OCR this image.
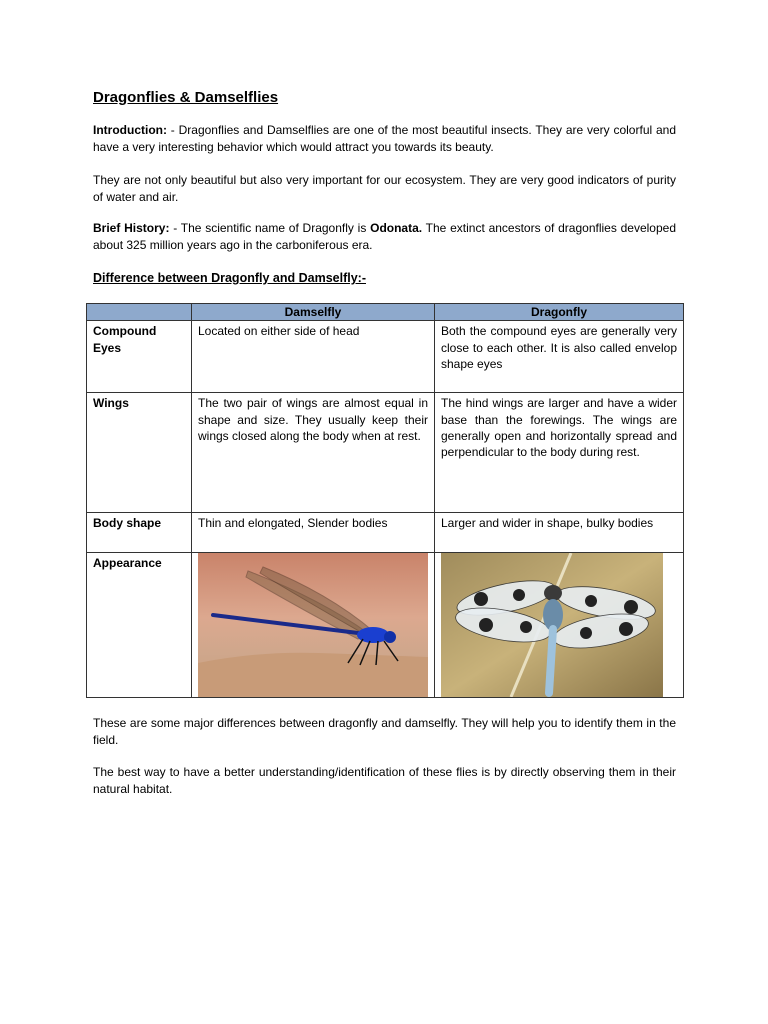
Dragonflies & Damselflies
Introduction: - Dragonflies and Damselflies are one of the most beautiful insects. They are very colorful and have a very interesting behavior which would attract you towards its beauty.
They are not only beautiful but also very important for our ecosystem. They are very good indicators of purity of water and air.
Brief History: - The scientific name of Dragonfly is Odonata. The extinct ancestors of dragonflies developed about 325 million years ago in the carboniferous era.
Difference between Dragonfly and Damselfly:-
	Damselfly	Dragonfly
Compound Eyes	Located on either side of head	Both the compound eyes are generally very close to each other. It is also called envelop shape eyes
Wings	The two pair of wings are almost equal in shape and size. They usually keep their wings closed along the body when at rest.	The hind wings are larger and have a wider base than the forewings. The wings are generally open and horizontally spread and perpendicular to the body during rest.
Body shape	Thin and elongated, Slender bodies	Larger and wider in shape, bulky bodies
Appearance	

These are some major differences between dragonfly and damselfly. They will help you to identify them in the field.
The best way to have a better understanding/identification of these flies is by directly observing them in their natural habitat.
